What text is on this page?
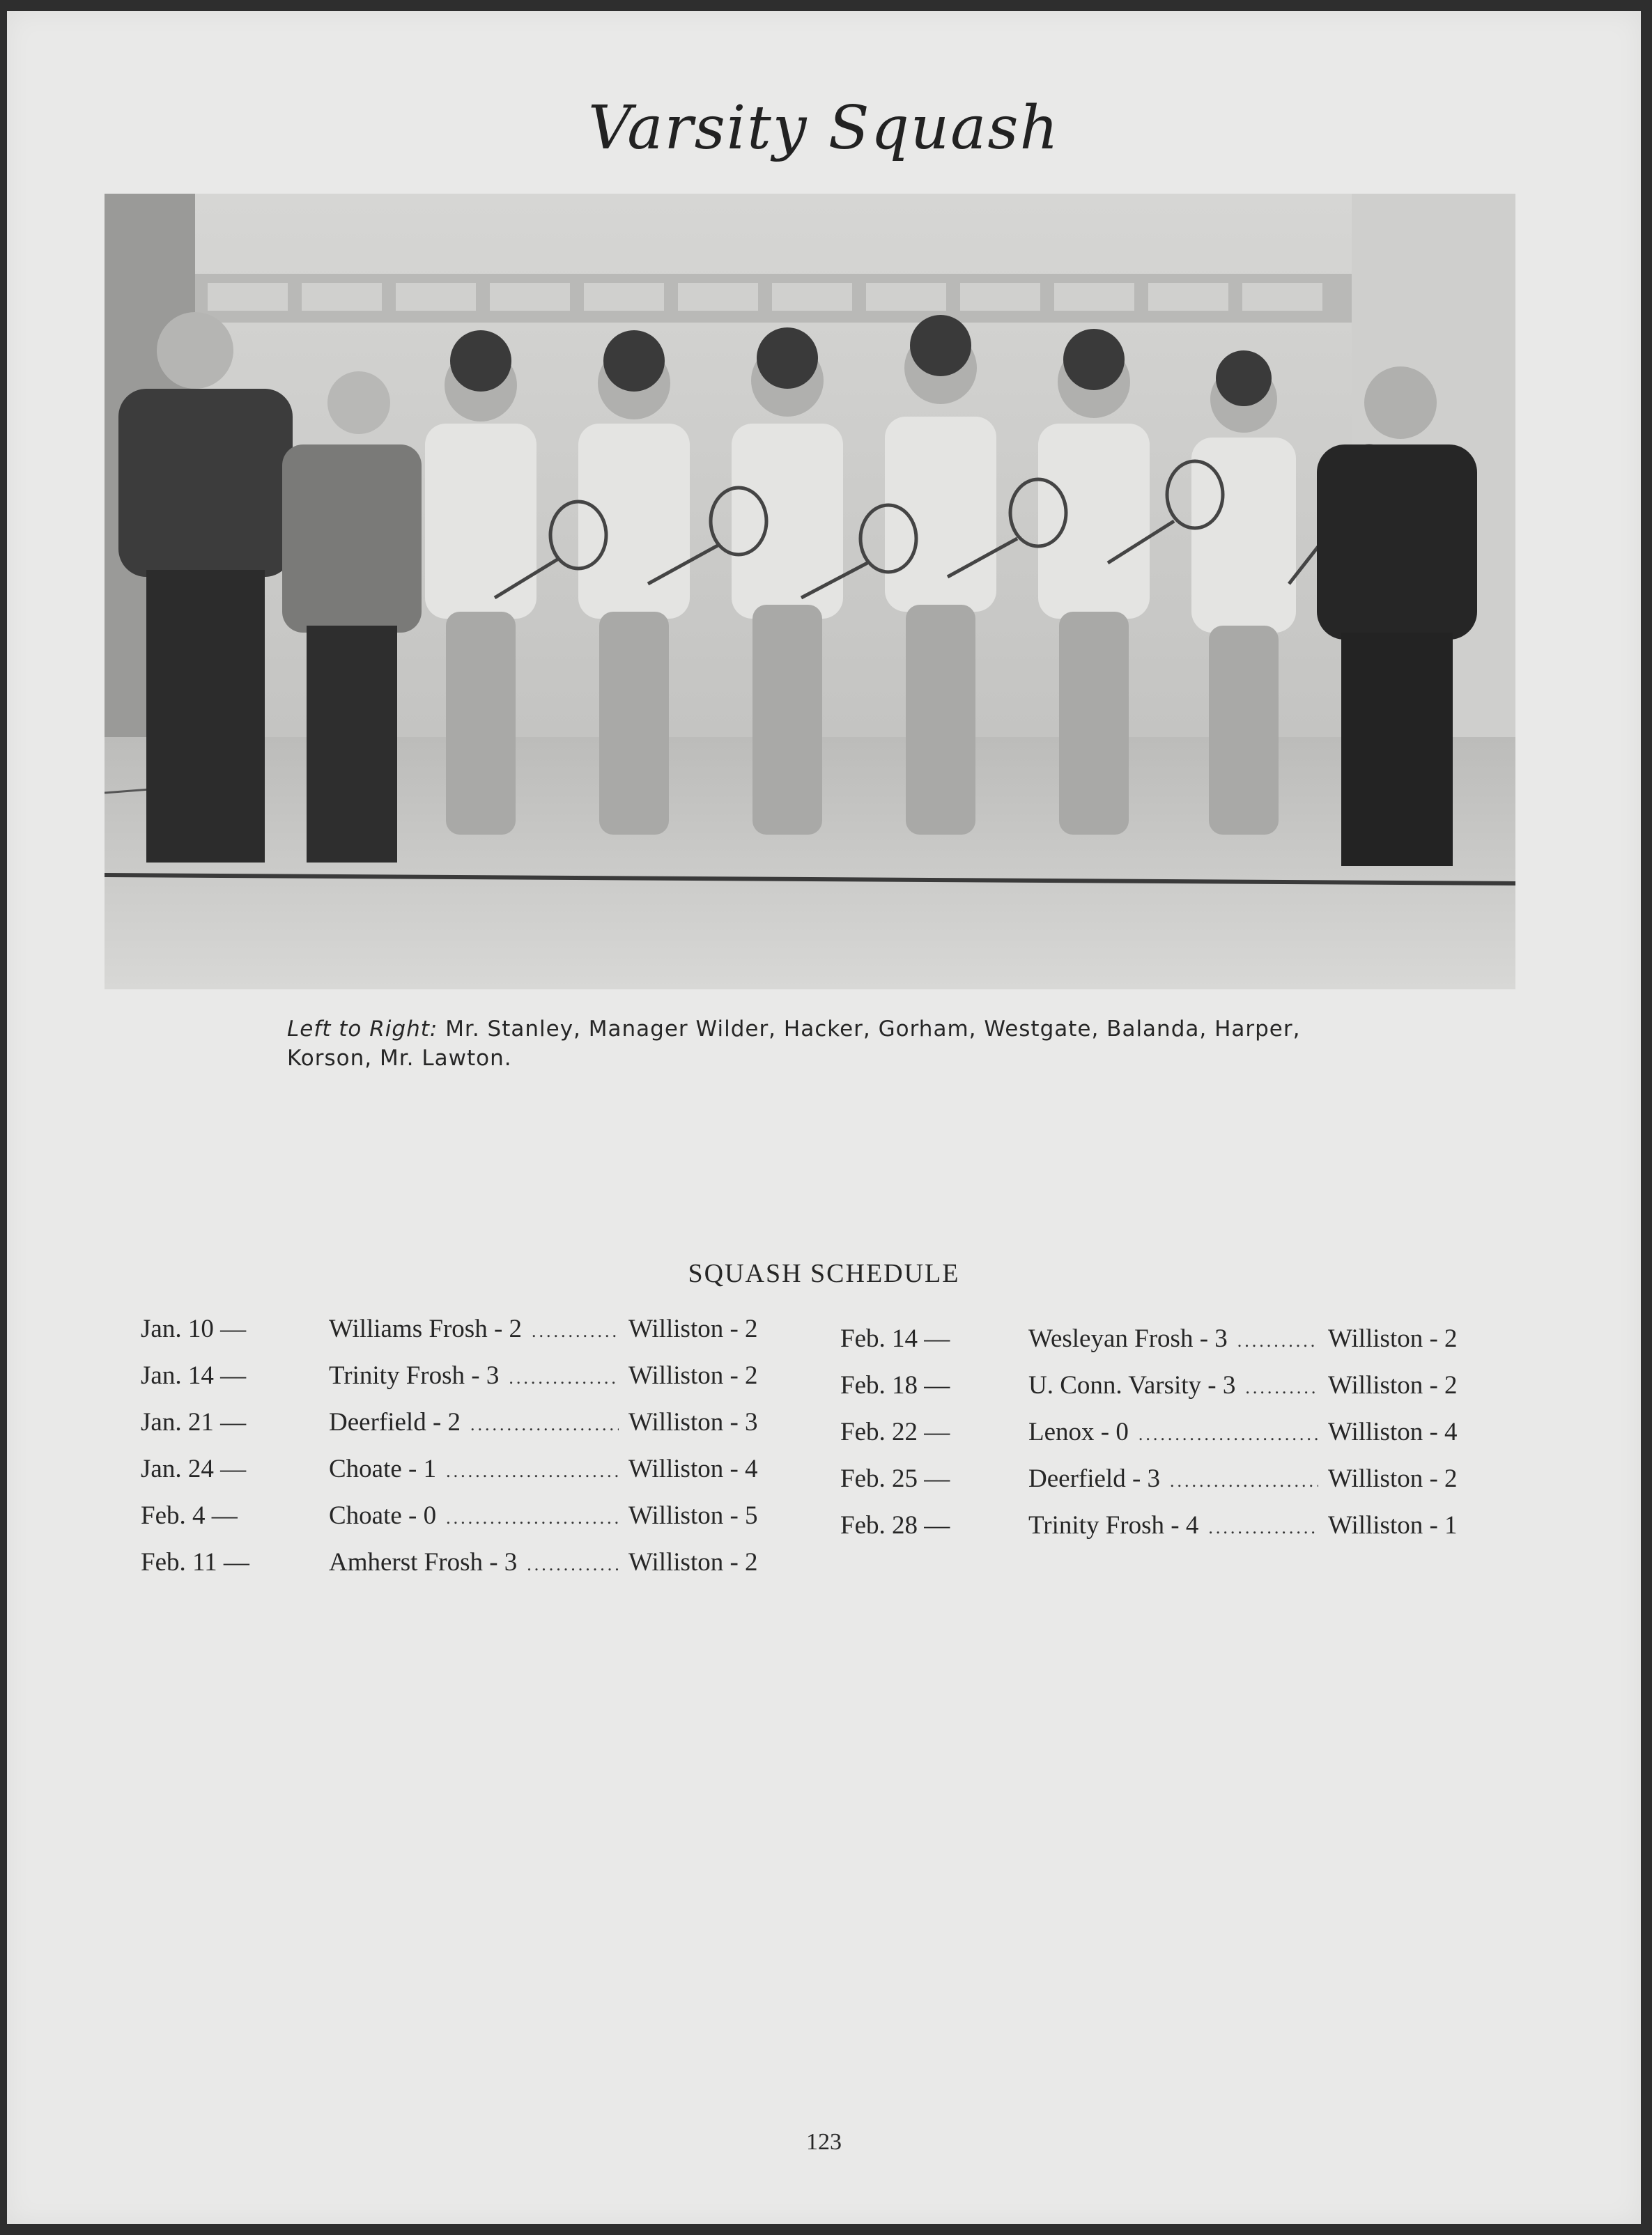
Varsity Squash
Left to Right: Mr. Stanley, Manager Wilder, Hacker, Gorham, Westgate, Balanda, Harper, Korson, Mr. Lawton.
SQUASH SCHEDULE
Jan. 10 —	Williams Frosh - 2 .....	Williston - 2
Jan. 14 —	Trinity Frosh - 3 .....	Williston - 2
Jan. 21 —	Deerfield - 2 .....	Williston - 3
Jan. 24 —	Choate - 1 .....	Williston - 4
Feb. 4 —	Choate - 0 .....	Williston - 5
Feb. 11 —	Amherst Frosh - 3 .....	Williston - 2
Feb. 14 —	Wesleyan Frosh - 3 .....	Williston - 2
Feb. 18 —	U. Conn. Varsity - 3 .....	Williston - 2
Feb. 22 —	Lenox - 0 .....	Williston - 4
Feb. 25 —	Deerfield - 3 .....	Williston - 2
Feb. 28 —	Trinity Frosh - 4 .....	Williston - 1
123
